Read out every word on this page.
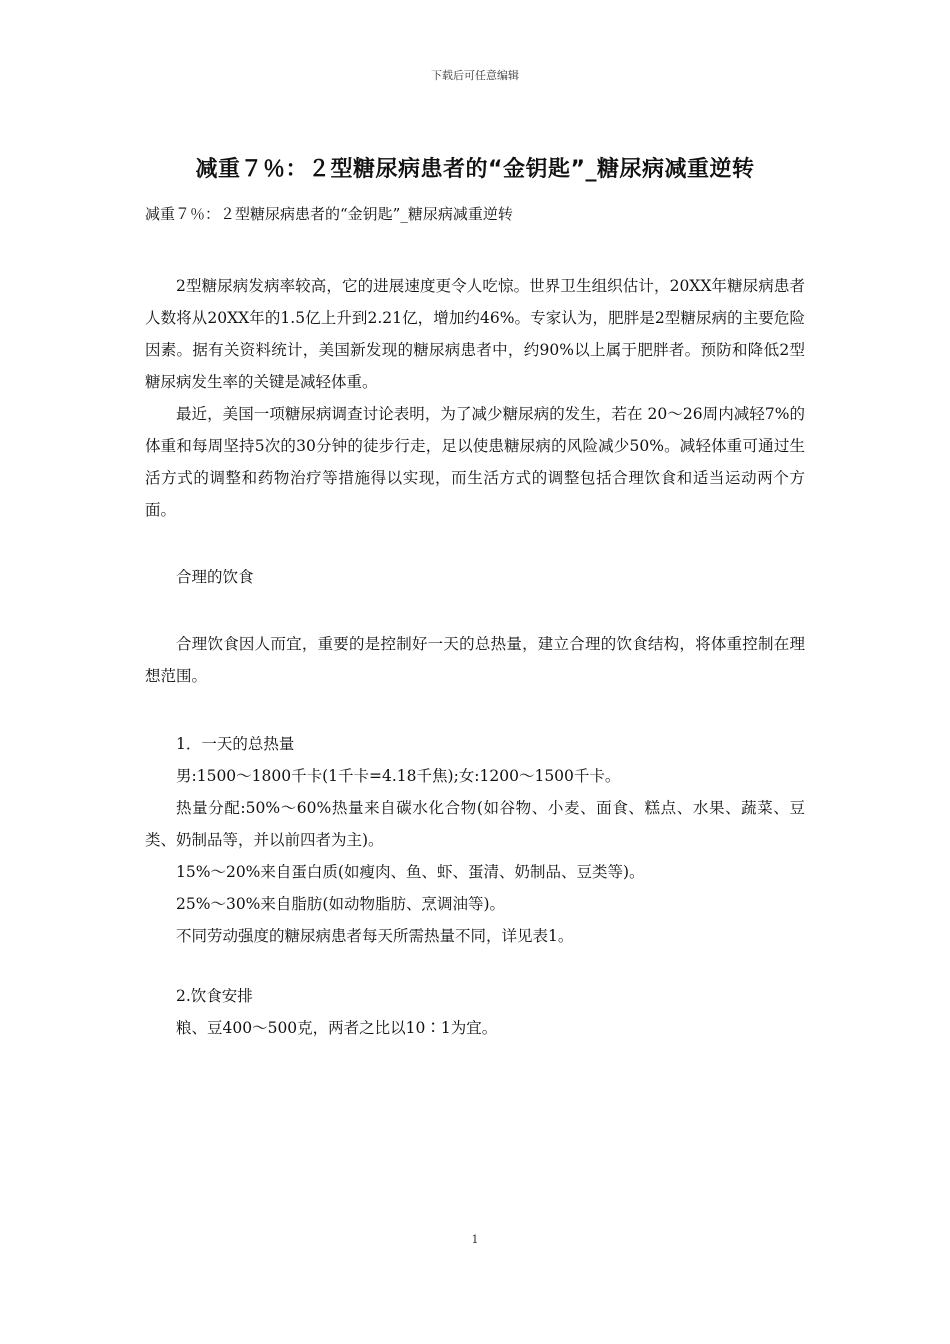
下载后可任意编辑
减重７％：２型糖尿病患者的“金钥匙”_糖尿病减重逆转
减重７％：２型糖尿病患者的“金钥匙”_糖尿病减重逆转

2型糖尿病发病率较高，它的进展速度更令人吃惊。世界卫生组织估计，20XX年糖尿病患者人数将从20XX年的1.5亿上升到2.21亿，增加约46%。专家认为，肥胖是2型糖尿病的主要危险因素。据有关资料统计，美国新发现的糖尿病患者中，约90%以上属于肥胖者。预防和降低2型糖尿病发生率的关键是减轻体重。

最近，美国一项糖尿病调查讨论表明，为了减少糖尿病的发生，若在 20～26周内减轻7%的体重和每周坚持5次的30分钟的徒步行走，足以使患糖尿病的风险减少50%。减轻体重可通过生活方式的调整和药物治疗等措施得以实现，而生活方式的调整包括合理饮食和适当运动两个方面。

合理的饮食

合理饮食因人而宜，重要的是控制好一天的总热量，建立合理的饮食结构，将体重控制在理想范围。

1．一天的总热量

男:1500～1800千卡(1千卡=4.18千焦);女:1200～1500千卡。

热量分配:50%～60%热量来自碳水化合物(如谷物、小麦、面食、糕点、水果、蔬菜、豆类、奶制品等，并以前四者为主)。

15%～20%来自蛋白质(如瘦肉、鱼、虾、蛋清、奶制品、豆类等)。

25%～30%来自脂肪(如动物脂肪、烹调油等)。

不同劳动强度的糖尿病患者每天所需热量不同，详见表1。

2.饮食安排

粮、豆400～500克，两者之比以10∶1为宜。

1
